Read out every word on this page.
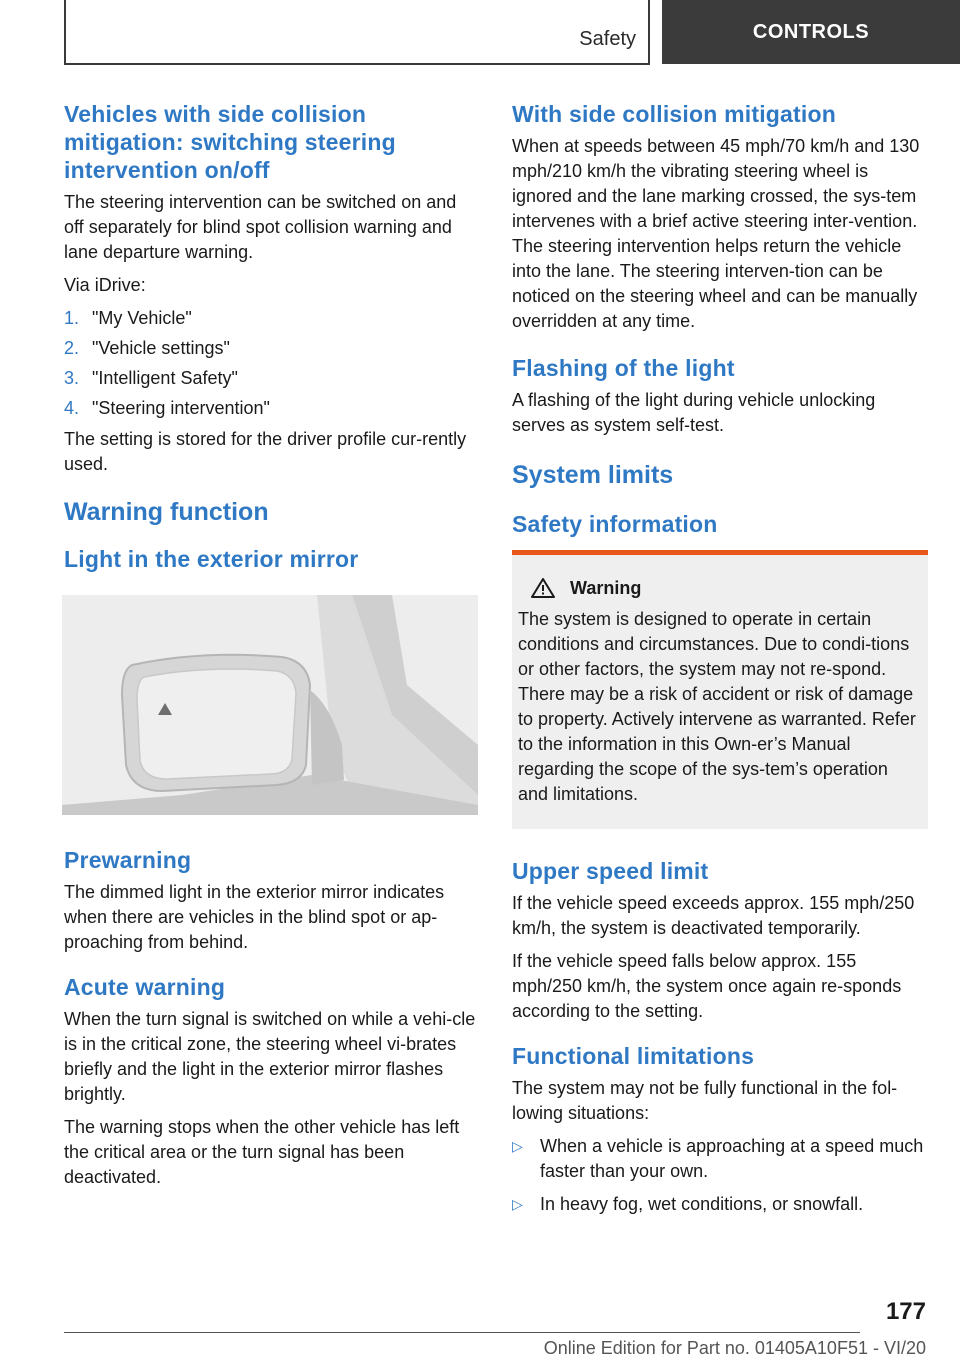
Safety	CONTROLS
Vehicles with side collision mitigation: switching steering intervention on/off

The steering intervention can be switched on and off separately for blind spot collision warning and lane departure warning.

Via iDrive:

1. "My Vehicle"
2. "Vehicle settings"
3. "Intelligent Safety"
4. "Steering intervention"

The setting is stored for the driver profile cur-rently used.

Warning function
Light in the exterior mirror
Prewarning

The dimmed light in the exterior mirror indicates when there are vehicles in the blind spot or ap-proaching from behind.

Acute warning

When the turn signal is switched on while a vehi-cle is in the critical zone, the steering wheel vi-brates briefly and the light in the exterior mirror flashes brightly.

The warning stops when the other vehicle has left the critical area or the turn signal has been deactivated.

With side collision mitigation

When at speeds between 45 mph/70 km/h and 130 mph/210 km/h the vibrating steering wheel is ignored and the lane marking crossed, the sys-tem intervenes with a brief active steering inter-vention. The steering intervention helps return the vehicle into the lane. The steering interven-tion can be noticed on the steering wheel and can be manually overridden at any time.

Flashing of the light

A flashing of the light during vehicle unlocking serves as system self-test.

System limits
Safety information
Warning

The system is designed to operate in certain conditions and circumstances. Due to condi-tions or other factors, the system may not re-spond. There may be a risk of accident or risk of damage to property. Actively intervene as warranted. Refer to the information in this Own-er’s Manual regarding the scope of the sys-tem’s operation and limitations.

Upper speed limit

If the vehicle speed exceeds approx. 155 mph/250 km/h, the system is deactivated temporarily.

If the vehicle speed falls below approx. 155 mph/250 km/h, the system once again re-sponds according to the setting.

Functional limitations

The system may not be fully functional in the fol-lowing situations:

▷ When a vehicle is approaching at a speed much faster than your own.
▷ In heavy fog, wet conditions, or snowfall.
177
Online Edition for Part no. 01405A10F51 - VI/20
